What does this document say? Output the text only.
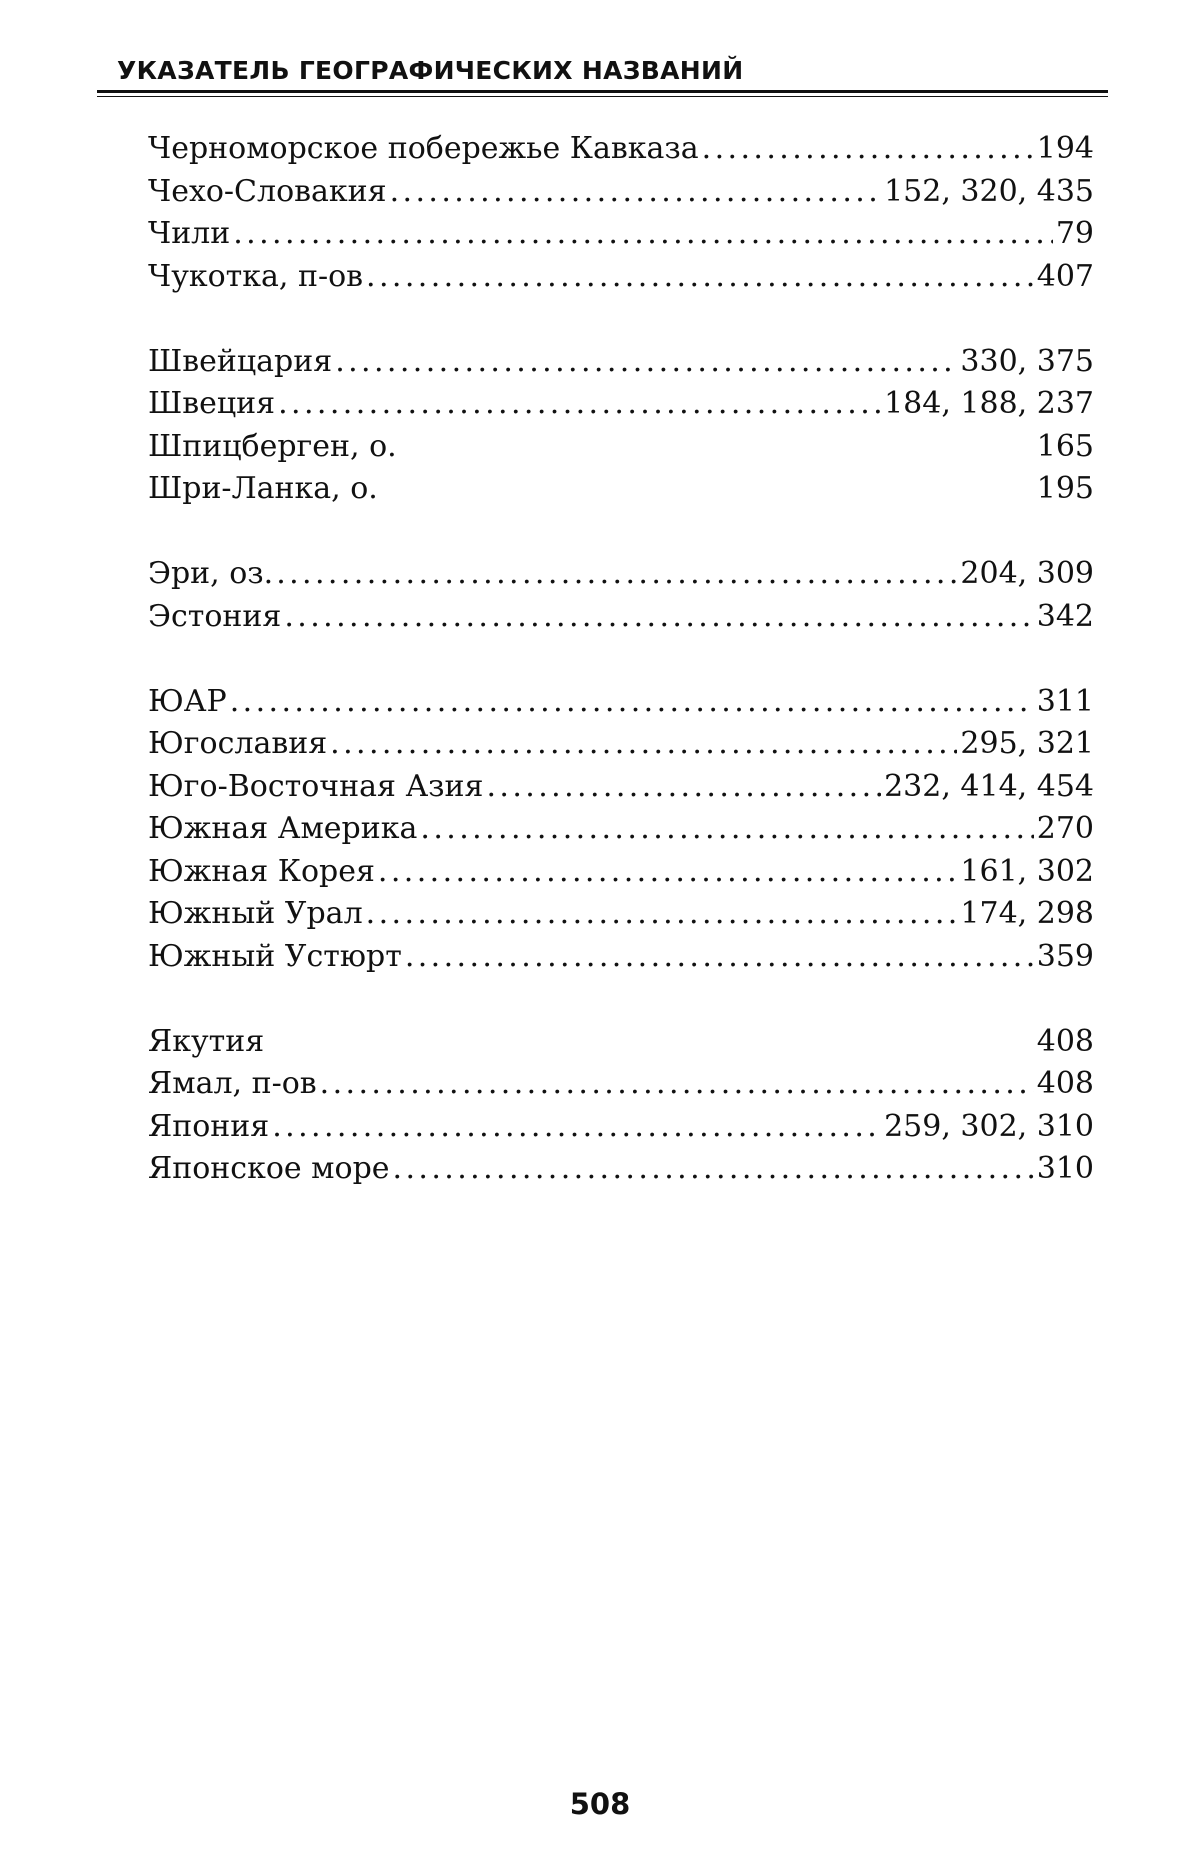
УКАЗАТЕЛЬ ГЕОГРАФИЧЕСКИХ НАЗВАНИЙ
Черноморское побережье Кавказа .....	194
Чехо-Словакия .....	152, 320, 435
Чили .....	79
Чукотка, п-ов .....	407
Швейцария .....	330, 375
Швеция .....	184, 188, 237
Шпицберген, о.	165
Шри-Ланка, о.	195
Эри, оз. .....	204, 309
Эстония .....	342
ЮАР .....	311
Югославия .....	295, 321
Юго-Восточная Азия .....	232, 414, 454
Южная Америка .....	270
Южная Корея .....	161, 302
Южный Урал .....	174, 298
Южный Устюрт .....	359
Якутия	408
Ямал, п-ов .....	408
Япония .....	259, 302, 310
Японское море .....	310
508
